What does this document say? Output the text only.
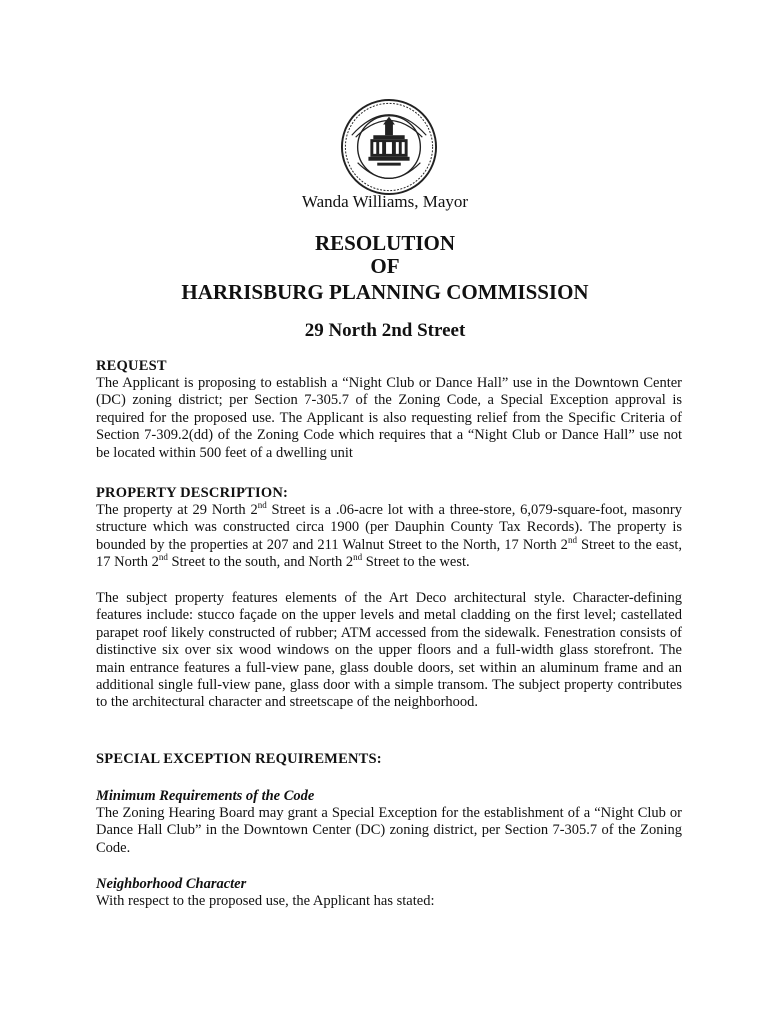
Wanda Williams, Mayor
RESOLUTION
OF
HARRISBURG PLANNING COMMISSION
29 North 2nd Street
REQUEST

The Applicant is proposing to establish a “Night Club or Dance Hall” use in the Downtown Center (DC) zoning district; per Section 7-305.7 of the Zoning Code, a Special Exception approval is required for the proposed use. The Applicant is also requesting relief from the Specific Criteria of Section 7-309.2(dd) of the Zoning Code which requires that a “Night Club or Dance Hall” use not be located within 500 feet of a dwelling unit

PROPERTY DESCRIPTION:

The property at 29 North 2nd Street is a .06-acre lot with a three-store, 6,079-square-foot, masonry structure which was constructed circa 1900 (per Dauphin County Tax Records). The property is bounded by the properties at 207 and 211 Walnut Street to the North, 17 North 2nd Street to the east, 17 North 2nd Street to the south, and North 2nd Street to the west.

The subject property features elements of the Art Deco architectural style. Character-defining features include: stucco façade on the upper levels and metal cladding on the first level; castellated parapet roof likely constructed of rubber; ATM accessed from the sidewalk. Fenestration consists of distinctive six over six wood windows on the upper floors and a full-width glass storefront. The main entrance features a full-view pane, glass double doors, set within an aluminum frame and an additional single full-view pane, glass door with a simple transom. The subject property contributes to the architectural character and streetscape of the neighborhood.

SPECIAL EXCEPTION REQUIREMENTS:
Minimum Requirements of the Code

The Zoning Hearing Board may grant a Special Exception for the establishment of a “Night Club or Dance Hall Club” in the Downtown Center (DC) zoning district, per Section 7-305.7 of the Zoning Code.

Neighborhood Character

With respect to the proposed use, the Applicant has stated:
